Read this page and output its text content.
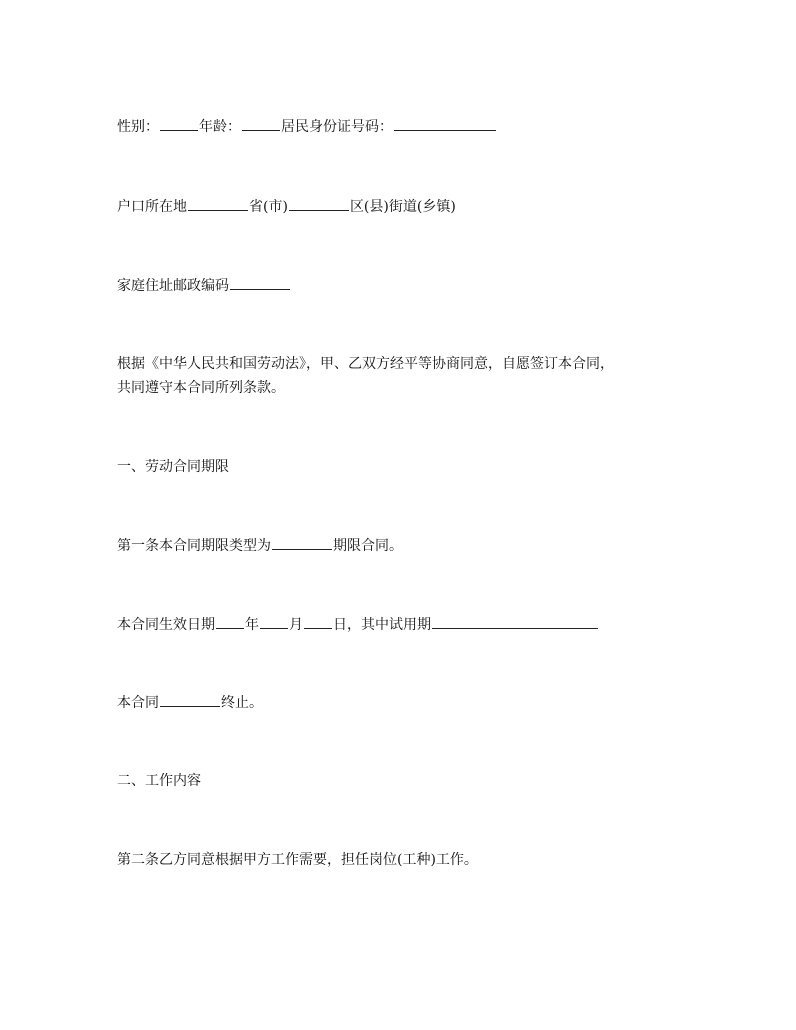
性别：	年龄：	居民身份证号码：
户口所在地	省(市)	区(县)街道(乡镇)
家庭住址邮政编码
根据《中华人民共和国劳动法》，甲、乙双方经平等协商同意，自愿签订本合同，
共同遵守本合同所列条款。
一、劳动合同期限
第一条本合同期限类型为	期限合同。
本合同生效日期 年 月 日，其中试用期
本合同	终止。
二、工作内容
第二条乙方同意根据甲方工作需要，担任岗位(工种)工作。
